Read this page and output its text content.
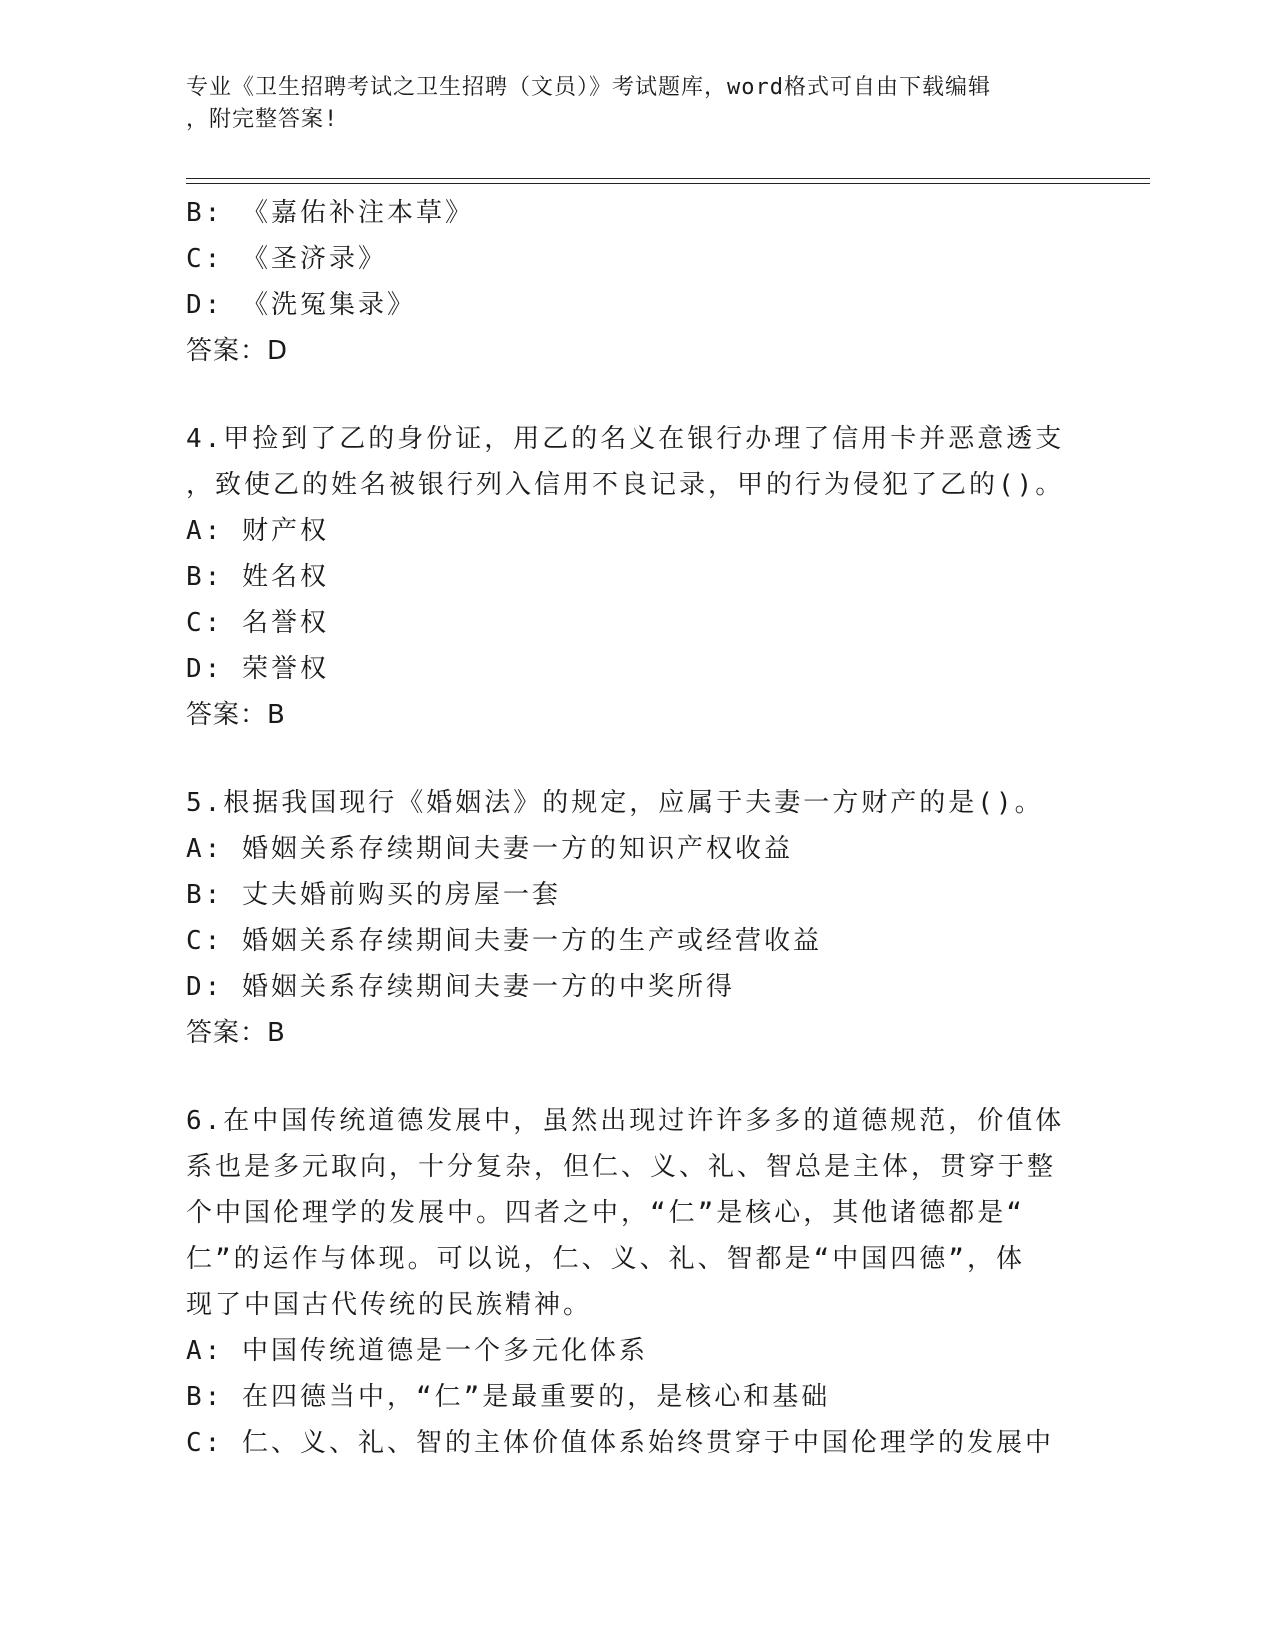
专业《卫生招聘考试之卫生招聘（文员）》考试题库，word格式可自由下载编辑
，附完整答案!
B: 《嘉佑补注本草》
C: 《圣济录》
D: 《洗冤集录》
答案：D
4.甲捡到了乙的身份证，用乙的名义在银行办理了信用卡并恶意透支
，致使乙的姓名被银行列入信用不良记录，甲的行为侵犯了乙的()。
A: 财产权
B: 姓名权
C: 名誉权
D: 荣誉权
答案：B
5.根据我国现行《婚姻法》的规定，应属于夫妻一方财产的是()。
A: 婚姻关系存续期间夫妻一方的知识产权收益
B: 丈夫婚前购买的房屋一套
C: 婚姻关系存续期间夫妻一方的生产或经营收益
D: 婚姻关系存续期间夫妻一方的中奖所得
答案：B
6.在中国传统道德发展中，虽然出现过许许多多的道德规范，价值体
系也是多元取向，十分复杂，但仁、义、礼、智总是主体，贯穿于整
个中国伦理学的发展中。四者之中，“仁”是核心，其他诸德都是“
仁”的运作与体现。可以说，仁、义、礼、智都是“中国四德”，体
现了中国古代传统的民族精神。
A: 中国传统道德是一个多元化体系
B: 在四德当中，“仁”是最重要的，是核心和基础
C: 仁、义、礼、智的主体价值体系始终贯穿于中国伦理学的发展中
